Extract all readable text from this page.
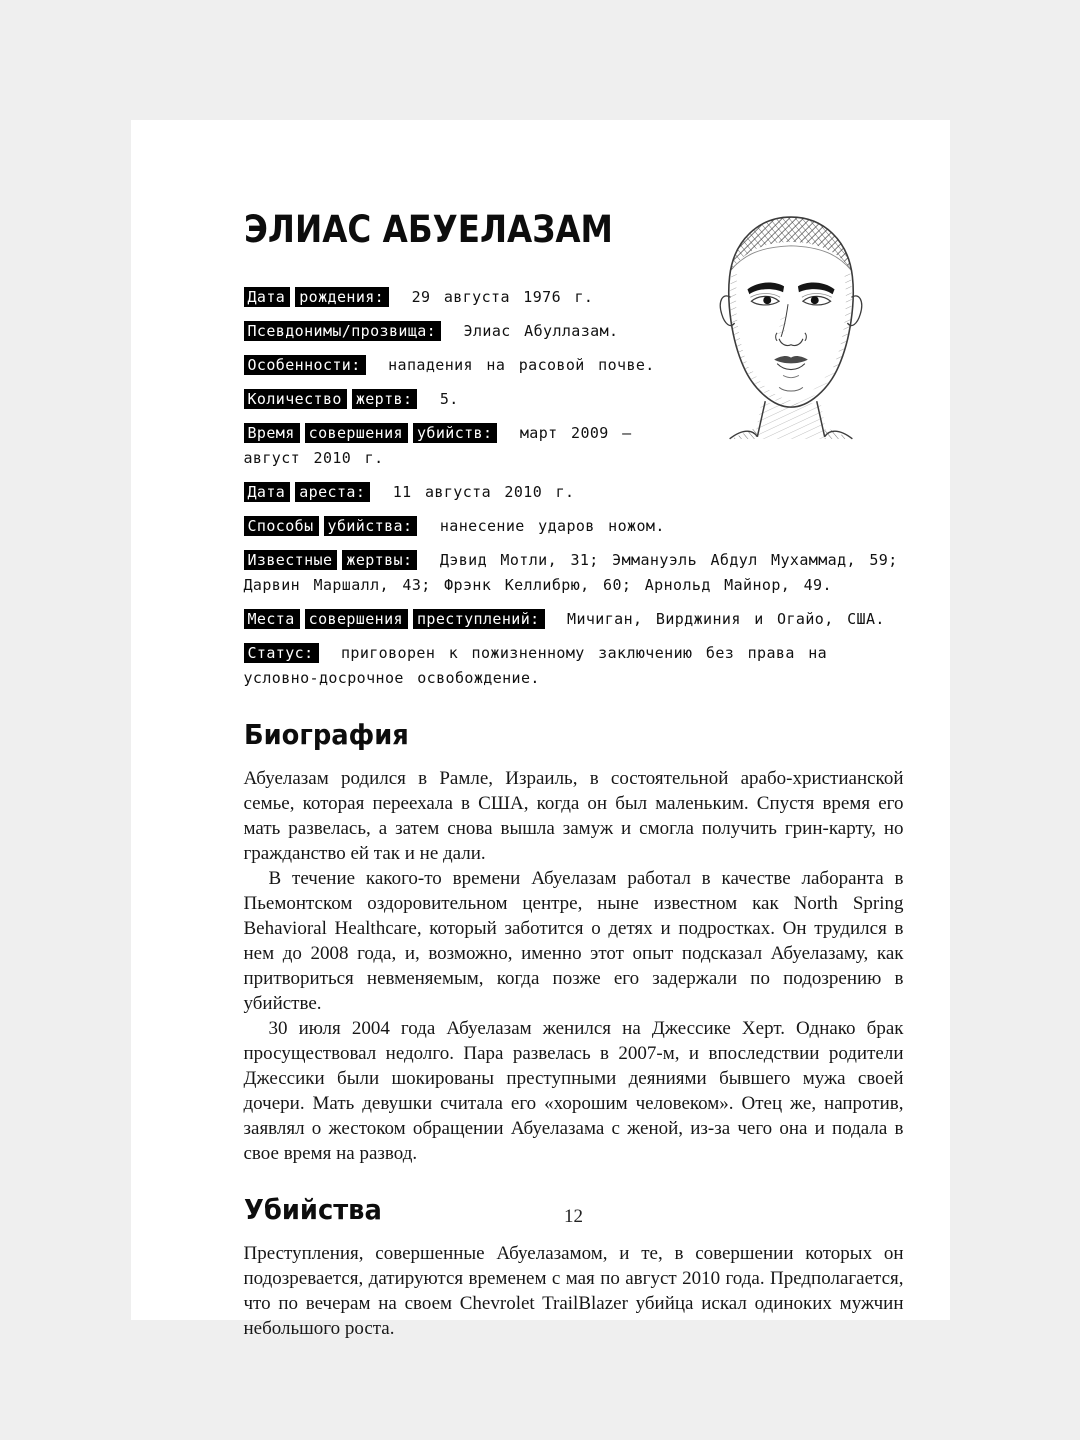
ЭЛИАС АБУЕЛАЗАМ
Дата рождения: 29 августа 1976 г.
Псевдонимы/прозвища: Элиас Абуллазам.
Особенности: нападения на расовой почве.
Количество жертв: 5.
Время совершения убийств: март 2009 — август 2010 г.
Дата ареста: 11 августа 2010 г.
Способы убийства: нанесение ударов ножом.
Известные жертвы: Дэвид Мотли, 31; Эммануэль Абдул Мухаммад, 59; Дарвин Маршалл, 43; Фрэнк Келлибрю, 60; Арнольд Майнор, 49.
Места совершения преступлений: Мичиган, Вирджиния и Огайо, США.
Статус: приговорен к пожизненному заключению без права на условно-досрочное освобождение.
Биография

Абуелазам родился в Рамле, Израиль, в состоятельной арабо-христианской семье, которая переехала в США, когда он был маленьким. Спустя время его мать развелась, а затем снова вышла замуж и смогла получить грин-карту, но гражданство ей так и не дали.

В течение какого-то времени Абуелазам работал в качестве лаборанта в Пьемонтском оздоровительном центре, ныне известном как North Spring Behavioral Healthcare, который заботится о детях и подростках. Он трудился в нем до 2008 года, и, возможно, именно этот опыт подсказал Абуелазаму, как притвориться невменяемым, когда позже его задержали по подозрению в убийстве.

30 июля 2004 года Абуелазам женился на Джессике Херт. Однако брак просуществовал недолго. Пара развелась в 2007-м, и впоследствии родители Джессики были шокированы преступными деяниями бывшего мужа своей дочери. Мать девушки считала его «хорошим человеком». Отец же, напротив, заявлял о жестоком обращении Абуелазама с женой, из-за чего она и подала в свое время на развод.

Убийства

Преступления, совершенные Абуелазамом, и те, в совершении которых он подозревается, датируются временем с мая по август 2010 года. Предполагается, что по вечерам на своем Chevrolet TrailBlazer убийца искал одиноких мужчин небольшого роста.

12
